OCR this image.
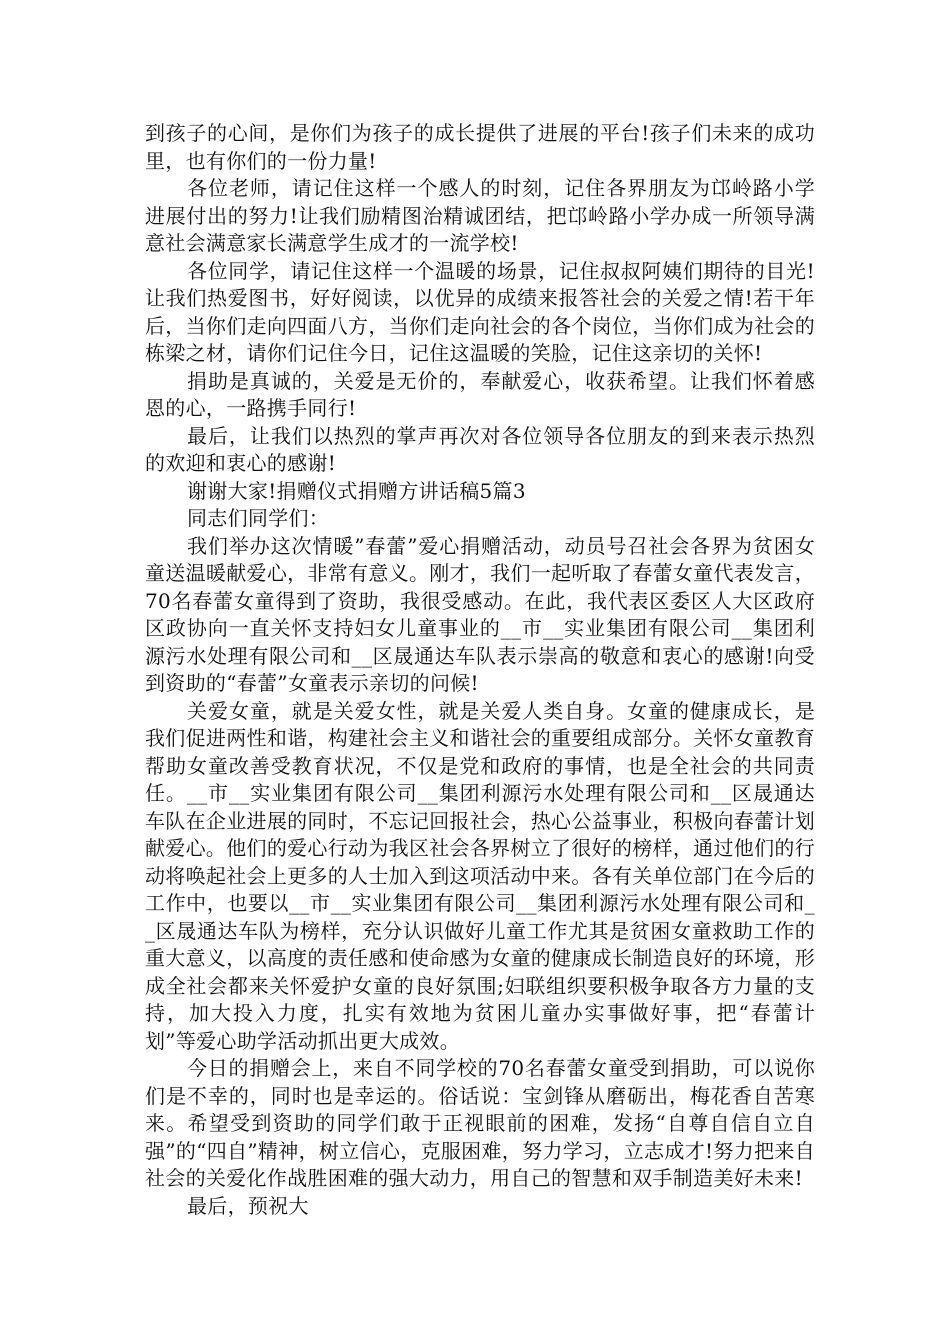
到孩子的心间，是你们为孩子的成长提供了进展的平台!孩子们未来的成功里，也有你们的一份力量!

各位老师，请记住这样一个感人的时刻，记住各界朋友为邙岭路小学进展付出的努力!让我们励精图治精诚团结，把邙岭路小学办成一所领导满意社会满意家长满意学生成才的一流学校!

各位同学，请记住这样一个温暖的场景，记住叔叔阿姨们期待的目光!让我们热爱图书，好好阅读，以优异的成绩来报答社会的关爱之情!若干年后，当你们走向四面八方，当你们走向社会的各个岗位，当你们成为社会的栋梁之材，请你们记住今日，记住这温暖的笑脸，记住这亲切的关怀!

捐助是真诚的，关爱是无价的，奉献爱心，收获希望。让我们怀着感恩的心，一路携手同行!

最后，让我们以热烈的掌声再次对各位领导各位朋友的到来表示热烈的欢迎和衷心的感谢!

谢谢大家!捐赠仪式捐赠方讲话稿5篇3

同志们同学们：

我们举办这次情暖”春蕾”爱心捐赠活动，动员号召社会各界为贫困女童送温暖献爱心，非常有意义。刚才，我们一起听取了春蕾女童代表发言，70名春蕾女童得到了资助，我很受感动。在此，我代表区委区人大区政府区政协向一直关怀支持妇女儿童事业的__市__实业集团有限公司__集团利源污水处理有限公司和__区晟通达车队表示崇高的敬意和衷心的感谢!向受到资助的“春蕾”女童表示亲切的问候!

关爱女童，就是关爱女性，就是关爱人类自身。女童的健康成长，是我们促进两性和谐，构建社会主义和谐社会的重要组成部分。关怀女童教育帮助女童改善受教育状况，不仅是党和政府的事情，也是全社会的共同责任。__市__实业集团有限公司__集团利源污水处理有限公司和__区晟通达车队在企业进展的同时，不忘记回报社会，热心公益事业，积极向春蕾计划献爱心。他们的爱心行动为我区社会各界树立了很好的榜样，通过他们的行动将唤起社会上更多的人士加入到这项活动中来。各有关单位部门在今后的工作中，也要以__市__实业集团有限公司__集团利源污水处理有限公司和__区晟通达车队为榜样，充分认识做好儿童工作尤其是贫困女童救助工作的重大意义，以高度的责任感和使命感为女童的健康成长制造良好的环境，形成全社会都来关怀爱护女童的良好氛围;妇联组织要积极争取各方力量的支持，加大投入力度，扎实有效地为贫困儿童办实事做好事，把“春蕾计划”等爱心助学活动抓出更大成效。

今日的捐赠会上，来自不同学校的70名春蕾女童受到捐助，可以说你们是不幸的，同时也是幸运的。俗话说：宝剑锋从磨砺出，梅花香自苦寒来。希望受到资助的同学们敢于正视眼前的困难，发扬“自尊自信自立自强”的“四自”精神，树立信心，克服困难，努力学习，立志成才!努力把来自社会的关爱化作战胜困难的强大动力，用自己的智慧和双手制造美好未来!

最后，预祝大
